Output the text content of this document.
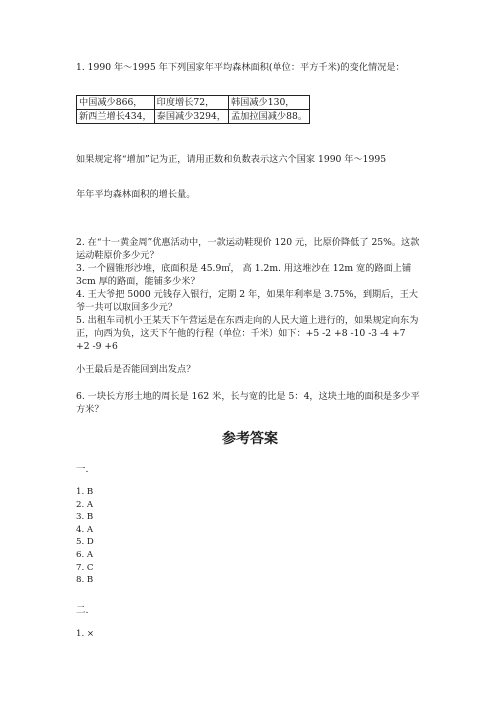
1. 1990 年～1995 年下列国家年平均森林面积(单位：平方千米)的变化情况是：
中国减少866，	印度增长72，	韩国减少130，
新西兰增长434，	泰国减少3294，	孟加拉国减少88。
如果规定将“增加”记为正，请用正数和负数表示这六个国家 1990 年～1995
年年平均森林面积的增长量。
2. 在“十一黄金周”优惠活动中，一款运动鞋现价 120 元，比原价降低了 25%。这款运动鞋原价多少元？
3. 一个圆锥形沙堆，底面积是 45.9㎡， 高 1.2m. 用这堆沙在 12m 宽的路面上铺 3cm 厚的路面，能铺多少米？
4. 王大爷把 5000 元钱存入银行，定期 2 年，如果年利率是 3.75%，到期后，王大爷一共可以取回多少元？
5. 出租车司机小王某天下午营运是在东西走向的人民大道上进行的，如果规定向东为正，向西为负，这天下午他的行程（单位：千米）如下：+5 -2 +8 -10 -3 -4 +7 +2 -9 +6
小王最后是否能回到出发点？
6. 一块长方形土地的周长是 162 米，长与宽的比是 5：4，这块土地的面积是多少平方米？
参考答案
一.
1. B
2. A
3. B
4. A
5. D
6. A
7. C
8. B
二.
1. ×
